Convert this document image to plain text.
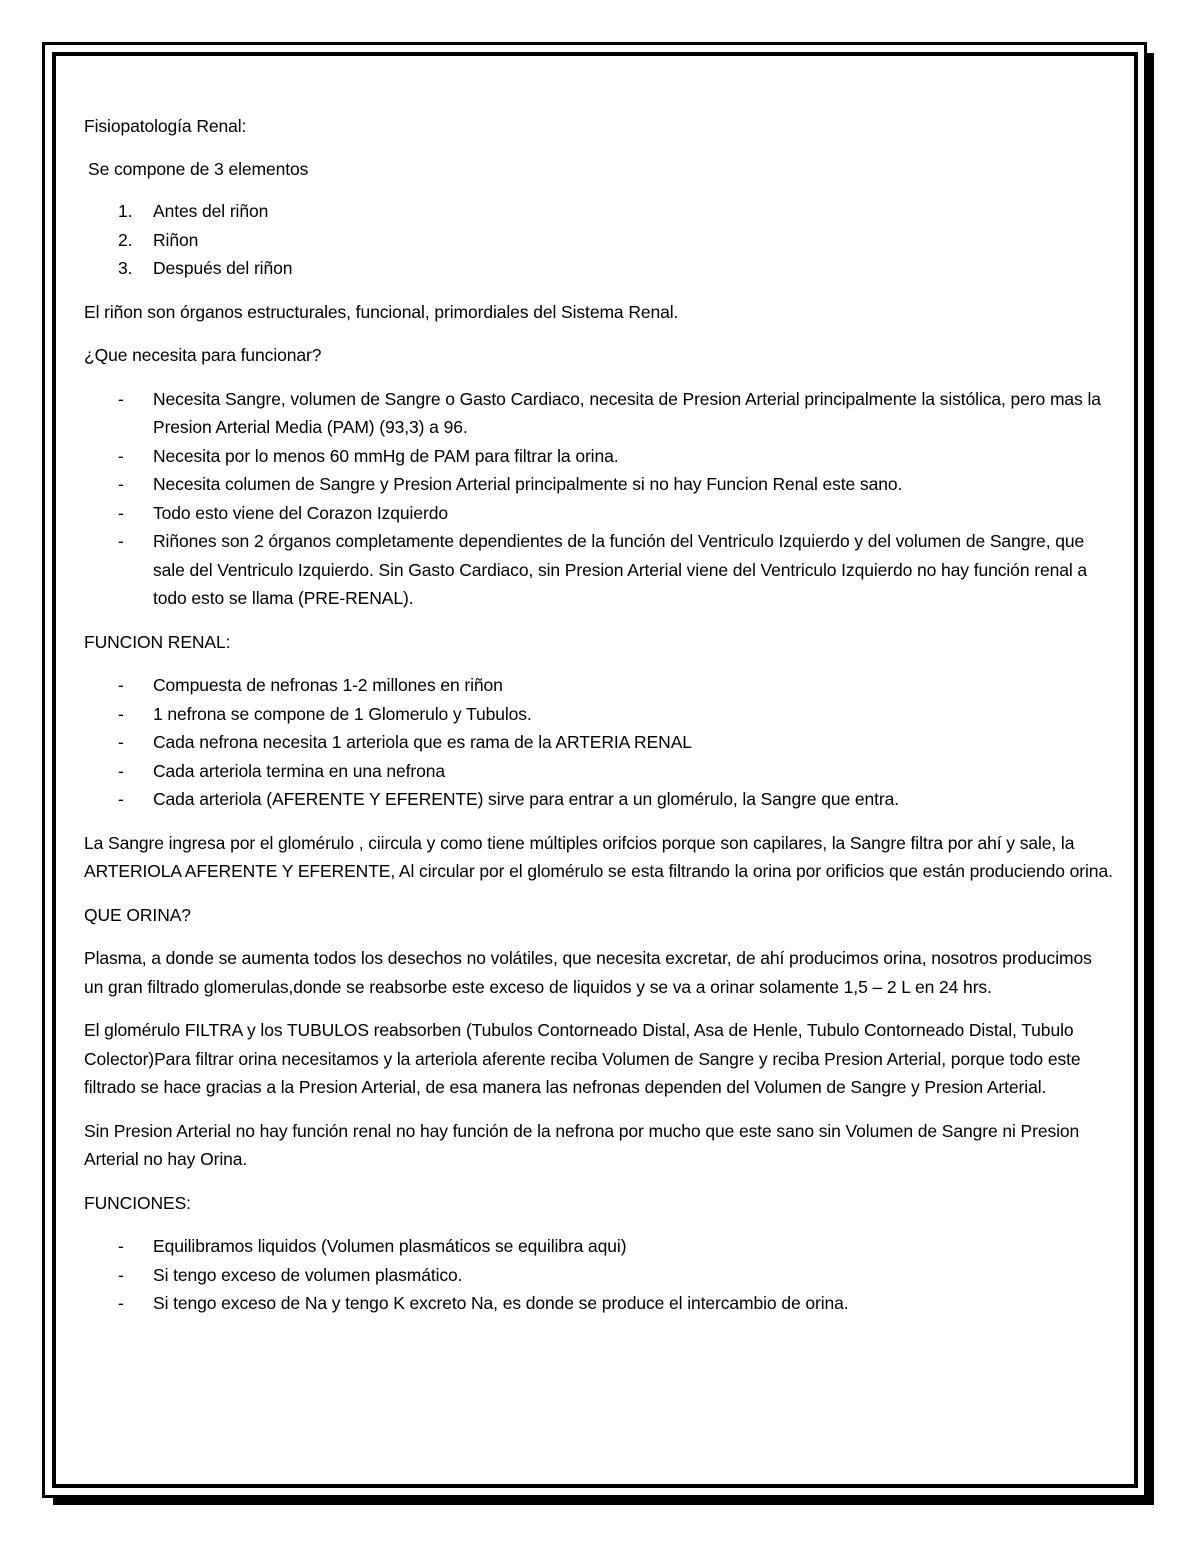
Fisiopatología Renal:

Se compone de 3 elementos

1. Antes del riñon
2. Riñon
3. Después del riñon

El riñon son órganos estructurales, funcional, primordiales del Sistema Renal.

¿Que necesita para funcionar?

- Necesita Sangre, volumen de Sangre o Gasto Cardiaco, necesita de Presion Arterial principalmente la sistólica, pero mas la Presion Arterial Media (PAM) (93,3) a 96.
- Necesita por lo menos 60 mmHg de PAM para filtrar la orina.
- Necesita columen de Sangre y Presion Arterial principalmente si no hay Funcion Renal este sano.
- Todo esto viene del Corazon Izquierdo
- Riñones son 2 órganos completamente dependientes de la función del Ventriculo Izquierdo y del volumen de Sangre, que sale del Ventriculo Izquierdo. Sin Gasto Cardiaco, sin Presion Arterial viene del Ventriculo Izquierdo no hay función renal a todo esto se llama (PRE-RENAL).

FUNCION RENAL:

- Compuesta de nefronas 1-2 millones en riñon
- 1 nefrona se compone de 1 Glomerulo y Tubulos.
- Cada nefrona necesita 1 arteriola que es rama de la ARTERIA RENAL
- Cada arteriola termina en una nefrona
- Cada arteriola (AFERENTE Y EFERENTE) sirve para entrar a un glomérulo, la Sangre que entra.

La Sangre ingresa por el glomérulo , ciircula y como tiene múltiples orifcios porque son capilares, la Sangre filtra por ahí y sale, la ARTERIOLA AFERENTE Y EFERENTE, Al circular por el glomérulo se esta filtrando la orina por orificios que están produciendo orina.

QUE ORINA?

Plasma, a donde se aumenta todos los desechos no volátiles, que necesita excretar, de ahí producimos orina, nosotros producimos un gran filtrado glomerulas,donde se reabsorbe este exceso de liquidos y se va a orinar solamente 1,5 – 2 L en 24 hrs.

El glomérulo FILTRA y los TUBULOS reabsorben (Tubulos Contorneado Distal, Asa de Henle, Tubulo Contorneado Distal, Tubulo Colector)Para filtrar orina necesitamos y la arteriola aferente reciba Volumen de Sangre y reciba Presion Arterial, porque todo este filtrado se hace gracias a la Presion Arterial, de esa manera las nefronas dependen del Volumen de Sangre y Presion Arterial.

Sin Presion Arterial no hay función renal no hay función de la nefrona por mucho que este sano sin Volumen de Sangre ni Presion Arterial no hay Orina.

FUNCIONES:

- Equilibramos liquidos (Volumen plasmáticos se equilibra aqui)
- Si tengo exceso de volumen plasmático.
- Si tengo exceso de Na y tengo K excreto Na, es donde se produce el intercambio de orina.
